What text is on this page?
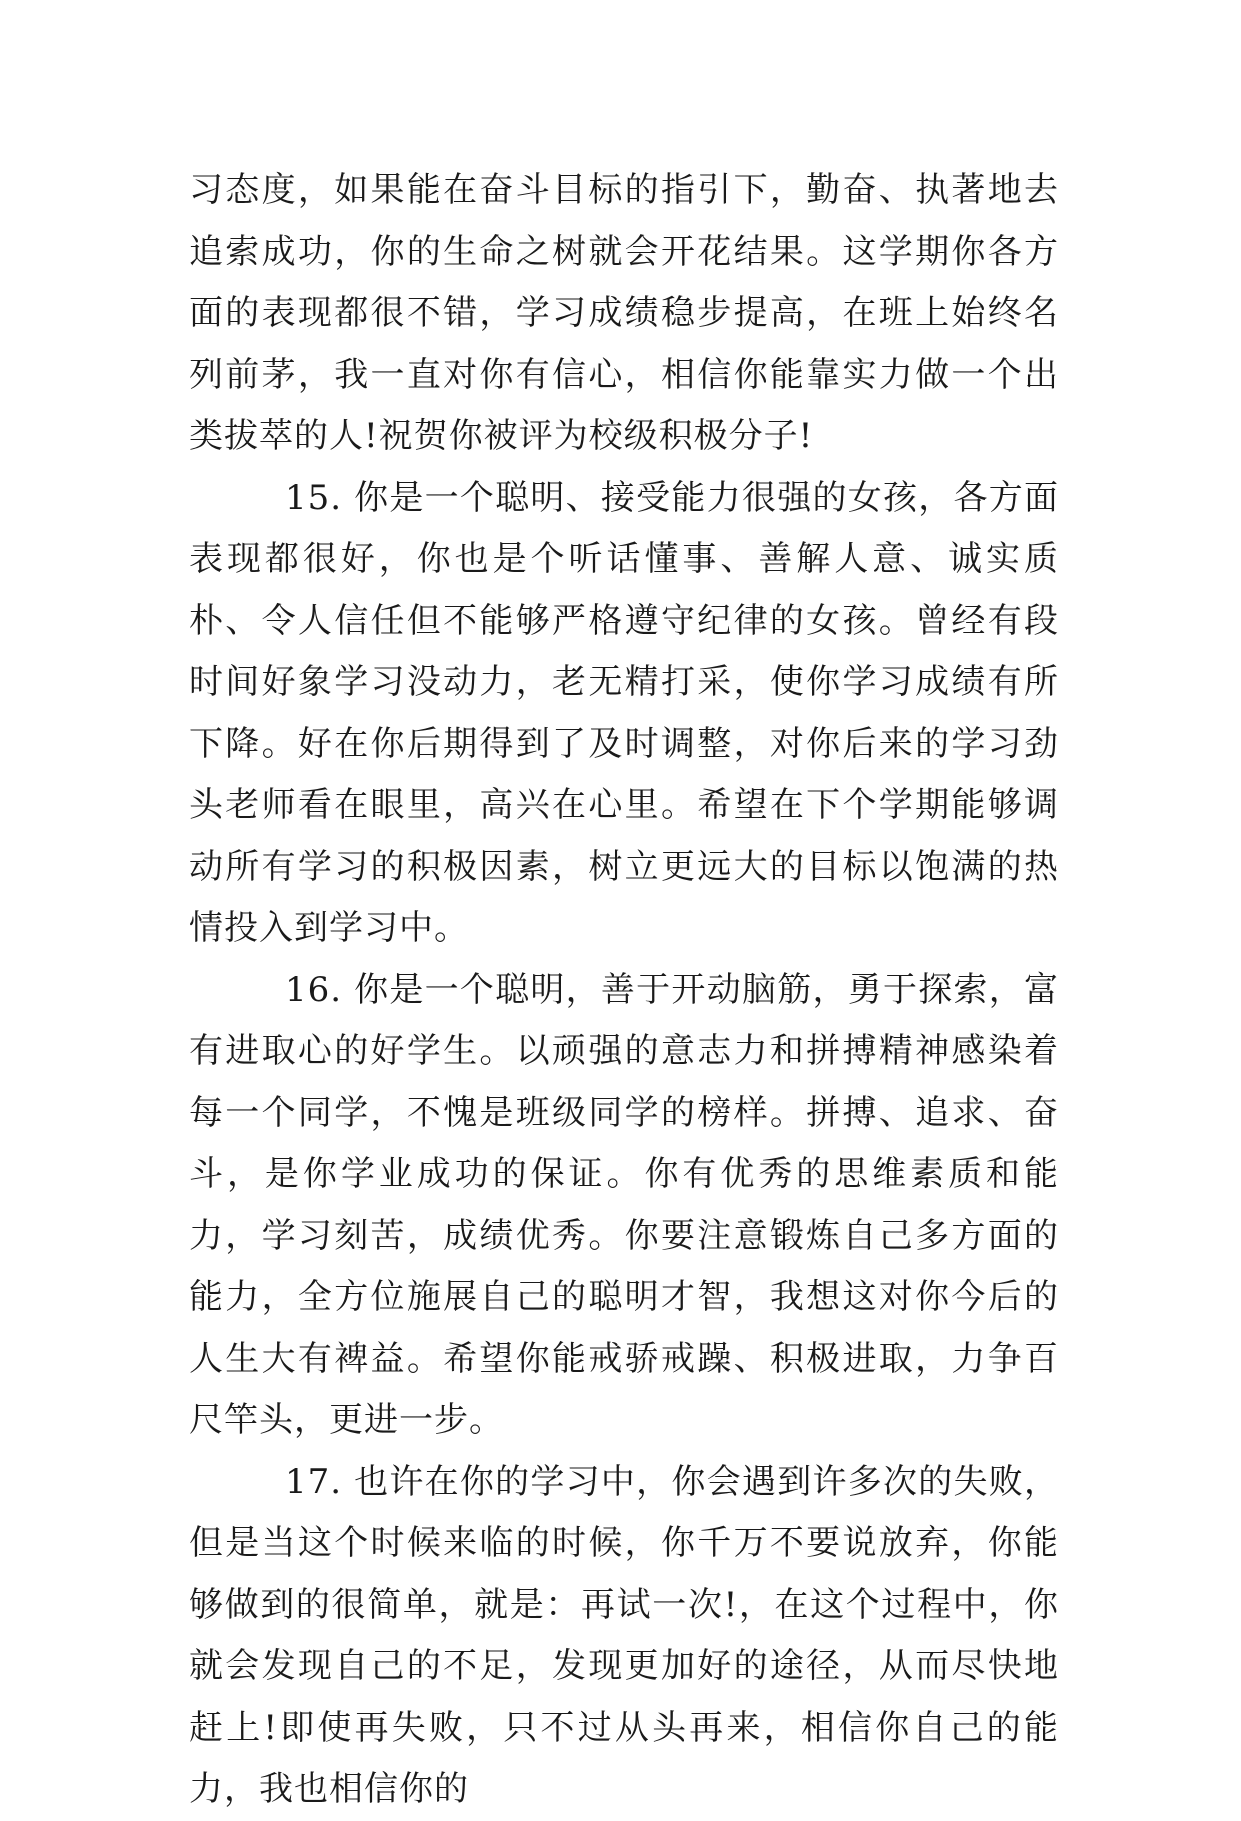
习态度，如果能在奋斗目标的指引下，勤奋、执著地去追索成功，你的生命之树就会开花结果。这学期你各方面的表现都很不错，学习成绩稳步提高，在班上始终名列前茅，我一直对你有信心，相信你能靠实力做一个出类拔萃的人!祝贺你被评为校级积极分子!

15. 你是一个聪明、接受能力很强的女孩，各方面表现都很好，你也是个听话懂事、善解人意、诚实质朴、令人信任但不能够严格遵守纪律的女孩。曾经有段时间好象学习没动力，老无精打采，使你学习成绩有所下降。好在你后期得到了及时调整，对你后来的学习劲头老师看在眼里，高兴在心里。希望在下个学期能够调动所有学习的积极因素，树立更远大的目标以饱满的热情投入到学习中。

16. 你是一个聪明，善于开动脑筋，勇于探索，富有进取心的好学生。以顽强的意志力和拼搏精神感染着每一个同学，不愧是班级同学的榜样。拼搏、追求、奋斗，是你学业成功的保证。你有优秀的思维素质和能力，学习刻苦，成绩优秀。你要注意锻炼自己多方面的能力，全方位施展自己的聪明才智，我想这对你今后的人生大有裨益。希望你能戒骄戒躁、积极进取，力争百尺竿头，更进一步。

17. 也许在你的学习中，你会遇到许多次的失败，但是当这个时候来临的时候，你千万不要说放弃，你能够做到的很简单，就是：再试一次!，在这个过程中，你就会发现自己的不足，发现更加好的途径，从而尽快地赶上!即使再失败，只不过从头再来，相信你自己的能力，我也相信你的
